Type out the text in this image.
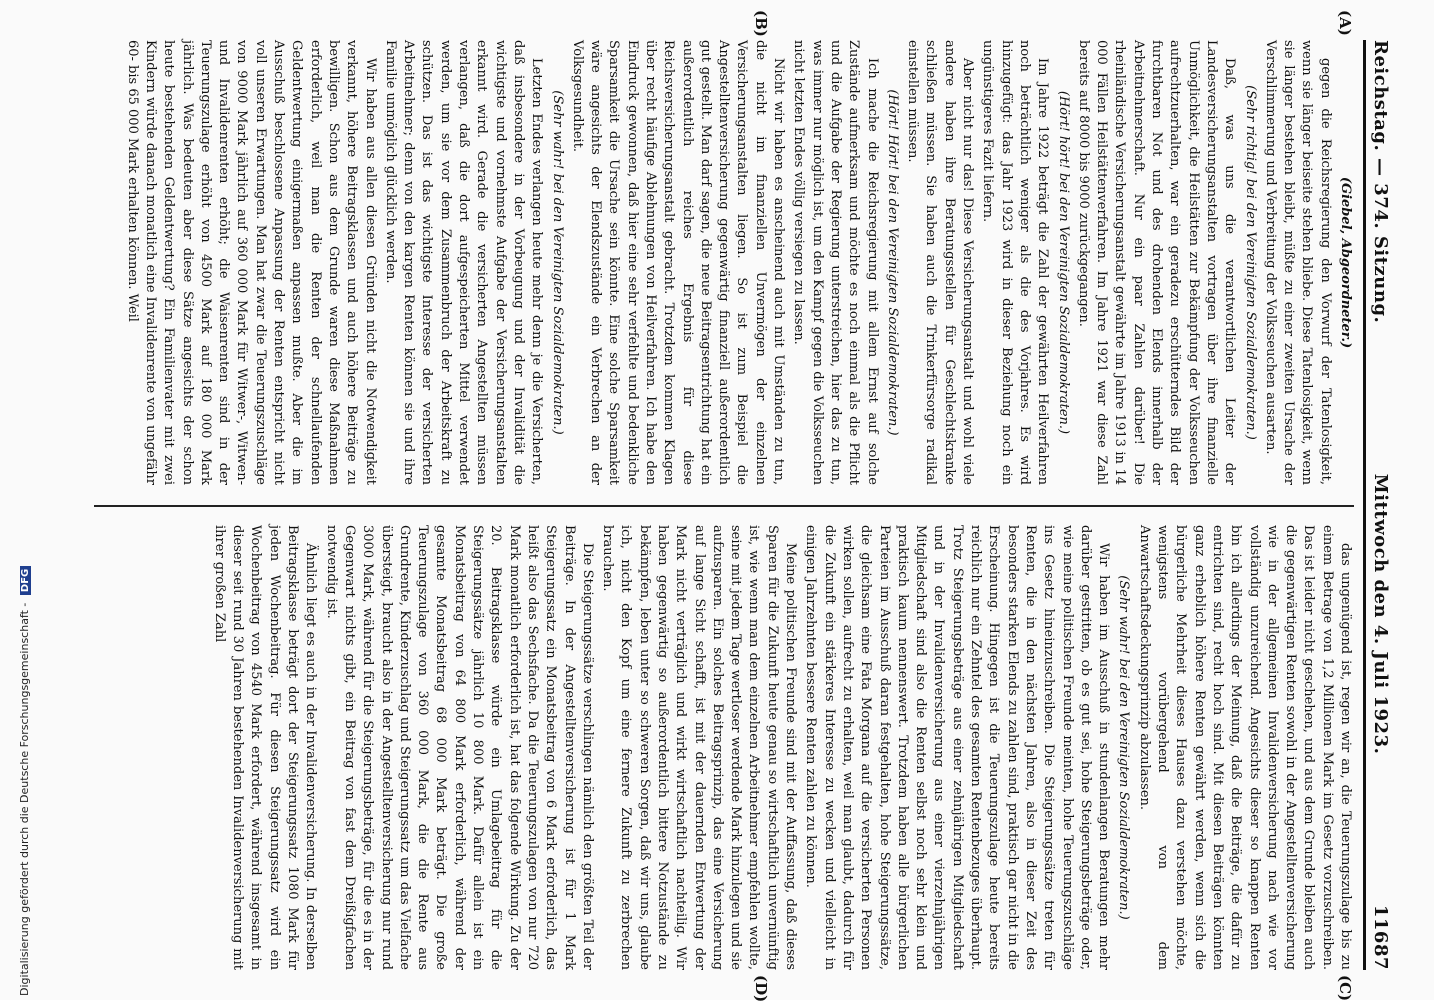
Reichstag. — 374. Sitzung.
Mittwoch den 4. Juli 1923.
11687
(A)
(B)
(C)
(D)

(Giebel, Abgeordneter.)

gegen die Reichsregierung den Vorwurf der Tatenlosigkeit, wenn sie länger beiseite stehen bliebe. Diese Tatenlosigkeit, wenn sie länger bestehen bleibt, müßte zu einer zweiten Ursache der Verschlimmerung und Verbreitung der Volksseuchen ausarten.

(Sehr richtig! bei den Vereinigten Sozialdemokraten.)

Daß, was uns die verantwortlichen Leiter der Landesversicherungsanstalten vortragen über ihre finanzielle Unmöglichkeit, die Heilstätten zur Bekämpfung der Volksseuchen aufrechtzuerhalten, war ein geradezu erschütterndes Bild der furchtbaren Not und des drohenden Elends innerhalb der Arbeitnehmerschaft. Nur ein paar Zahlen darüber! Die rheinländische Versicherungsanstalt gewährte im Jahre 1913 in 14 000 Fällen Heilstättenverfahren. Im Jahre 1921 war diese Zahl bereits auf 8000 bis 9000 zurückgegangen.

(Hört! hört! bei den Vereinigten Sozialdemokraten.)

Im Jahre 1922 beträgt die Zahl der gewährten Heilverfahren noch beträchtlich weniger als die des Vorjahres. Es wird hinzugefügt: das Jahr 1923 wird in dieser Beziehung noch ein ungünstigeres Fazit liefern.

Aber nicht nur das! Diese Versicherungsanstalt und wohl viele andere haben ihre Beratungsstellen für Geschlechtskranke schließen müssen. Sie haben auch die Trinkerfürsorge radikal einstellen müssen.

(Hört! Hört! bei den Vereinigten Sozialdemokraten.)

Ich mache die Reichsregierung mit allem Ernst auf solche Zustände aufmerksam und möchte es noch einmal als die Pflicht und die Aufgabe der Regierung unterstreichen, hier das zu tun, was immer nur möglich ist, um den Kampf gegen die Volksseuchen nicht letzten Endes völlig versiegen zu lassen.

Nicht wir haben es anscheinend auch mit Umständen zu tun, die nicht im finanziellen Unvermögen der einzelnen Versicherungsanstalten liegen. So ist zum Beispiel die Angestelltenversicherung gegenwärtig finanziell außerordentlich gut gestellt. Man darf sagen, die neue Beitragsentrichtung hat ein außerordentlich reiches Ergebnis für diese Reichsversicherungsanstalt gebracht. Trotzdem kommen Klagen über recht häufige Ablehnungen von Heilverfahren. Ich habe den Eindruck gewonnen, daß hier eine sehr verfehlte und bedenkliche Sparsamkeit die Ursache sein könnte. Eine solche Sparsamkeit wäre angesichts der Elendszustände ein Verbrechen an der Volksgesundheit.

(Sehr wahr! bei den Vereinigten Sozialdemokraten.)

Letzten Endes verlangen heute mehr denn je die Versicherten, daß insbesondere in der Vorbeugung und der Invalidität die wichtigste und vornehmste Aufgabe der Versicherungsanstalten erkannt wird. Gerade die versicherten Angestellten müssen verlangen, daß die dort aufgespeicherten Mittel verwendet werden, um sie vor dem Zusammenbruch der Arbeitskraft zu schützen. Das ist das wichtigste Interesse der versicherten Arbeitnehmer; denn von den kargen Renten können sie und ihre Familie unmöglich glücklich werden.

Wir haben aus allen diesen Gründen nicht die Notwendigkeit verkannt, höhere Beitragsklassen und auch höhere Beiträge zu bewilligen. Schon aus dem Grunde waren diese Maßnahmen erforderlich, weil man die Renten der schnellaufenden Geldentwertung einigermaßen anpassen mußte. Aber die im Ausschuß beschlossene Anpassung der Renten entspricht nicht voll unseren Erwartungen. Man hat zwar die Teuerungszuschläge von 9000 Mark jährlich auf 360 000 Mark für Witwer-, Witwen- und Invalidenrenten erhöht; die Waisenrenten sind in der Teuerungszulage erhöht von 4500 Mark auf 180 000 Mark jährlich. Was bedeuten aber diese Sätze angesichts der schon heute bestehenden Geldentwertung? Ein Familienvater mit zwei Kindern würde danach monatlich eine Invalidenrente von ungefähr 60- bis 65 000 Mark erhalten können. Weil

das ungenügend ist, regen wir an, die Teuerungszulage bis zu einem Betrage von 1,2 Millionen Mark im Gesetz vorzuschreiben. Das ist leider nicht geschehen, und aus dem Grunde bleiben auch die gegenwärtigen Renten sowohl in der Angestelltenversicherung wie in der allgemeinen Invalidenversicherung nach wie vor vollständig unzureichend. Angesichts dieser so knappen Renten bin ich allerdings der Meinung, daß die Beiträge, die dafür zu entrichten sind, recht hoch sind. Mit diesen Beiträgen könnten ganz erheblich höhere Renten gewährt werden, wenn sich die bürgerliche Mehrheit dieses Hauses dazu verstehen möchte, wenigstens vorübergehend von dem Anwartschaftsdeckungsprinzip abzulassen.

(Sehr wahr! bei den Vereinigten Sozialdemokraten.)

Wir haben im Ausschuß in stundenlangen Beratungen mehr darüber gestritten, ob es gut sei, hohe Steigerungsbeträge oder, wie meine politischen Freunde meinten, hohe Teuerungszuschläge ins Gesetz hineinzuschreiben. Die Steigerungssätze treten für Renten, die in den nächsten Jahren, also in dieser Zeit des besonders starken Elends zu zahlen sind, praktisch gar nicht in die Erscheinung. Hingegen ist die Teuerungszulage heute bereits reichlich nur ein Zehntel des gesamten Rentenbezuges überhaupt. Trotz Steigerungsbeträge aus einer zehnjährigen Mitgliedschaft und in der Invalidenversicherung aus einer vierzehnjährigen Mitgliedschaft sind also die Renten selbst noch sehr klein und praktisch kaum nennenswert. Trotzdem haben alle bürgerlichen Parteien im Ausschuß daran festgehalten, hohe Steigerungssätze, die gleichsam eine Fata Morgana auf die versicherten Personen wirken sollen, aufrecht zu erhalten, weil man glaubt, dadurch für die Zukunft ein stärkeres Interesse zu wecken und vielleicht in einigen Jahrzehnten bessere Renten zahlen zu können.

Meine politischen Freunde sind mit der Auffassung, daß dieses Sparen für die Zukunft heute genau so wirtschaftlich unvernünftig ist, wie wenn man dem einzelnen Arbeitnehmer empfehlen wollte, seine mit jedem Tage wertloser werdende Mark hinzulegen und sie aufzusparen. Ein solches Beitragsprinzip, das eine Versicherung auf lange Sicht schafft, ist mit der dauernden Entwertung der Mark nicht verträglich und wirkt wirtschaftlich nachteilig. Wir haben gegenwärtig so außerordentlich bittere Notzustände zu bekämpfen, leben unter so schweren Sorgen, daß wir uns, glaube ich, nicht den Kopf um eine fernere Zukunft zu zerbrechen brauchen.

Die Steigerungssätze verschlingen nämlich den größten Teil der Beiträge. In der Angestelltenversicherung ist für 1 Mark Steigerungssatz ein Monatsbeitrag von 6 Mark erforderlich, das heißt also das Sechsfache. Da die Teuerungszulagen von nur 720 Mark monatlich erforderlich ist, hat das folgende Wirkung. Zu der 20. Beitragsklasse würde ein Umlagebeitrag für die Steigerungssätze jährlich 10 800 Mark. Dafür allein ist ein Monatsbeitrag von 64 800 Mark erforderlich, während der gesamte Monatsbeitrag 68 000 Mark beträgt. Die große Teuerungszulage von 360 000 Mark, die die Rente aus Grundrente, Kinderzuschlag und Steigerungssatz um das Vielfache übersteigt, braucht also in der Angestelltenversicherung nur rund 3000 Mark, während für die Steigerungsbeträge, für die es in der Gegenwart nichts gibt, ein Beitrag von fast dem Dreißigfachen notwendig ist.

Ähnlich liegt es auch in der Invalidenversicherung. In derselben Beitragsklasse beträgt dort der Steigerungssatz 1080 Mark für jeden Wochenbeitrag. Für diesen Steigerungssatz wird ein Wochenbeitrag von 4540 Mark erfordert, während insgesamt in dieser seit rund 30 Jahren bestehenden Invalidenversicherung mit ihrer großen Zahl

Digitalisierung gefördert durch die Deutsche Forschungsgemeinschaft - DFG
